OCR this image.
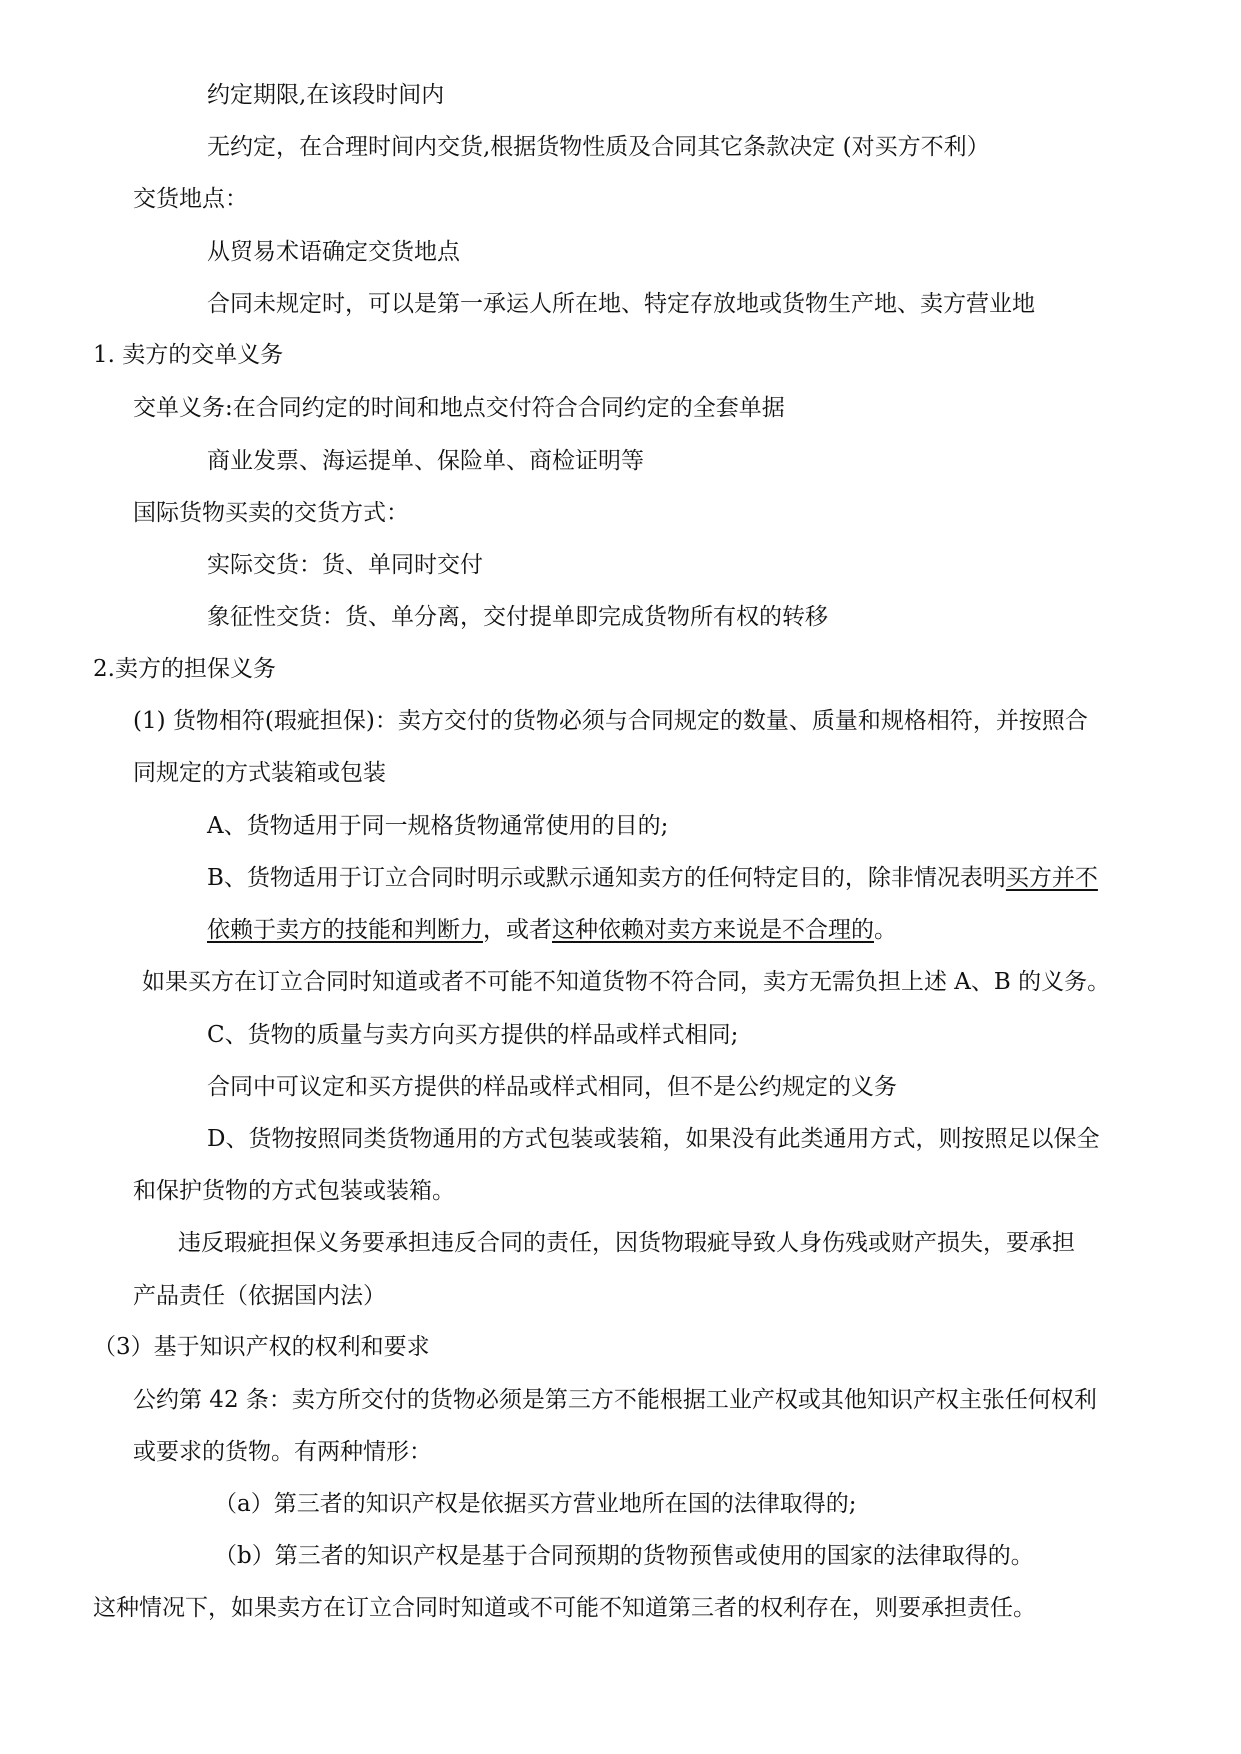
约定期限,在该段时间内
无约定，在合理时间内交货,根据货物性质及合同其它条款决定 (对买方不利）
交货地点：
从贸易术语确定交货地点
合同未规定时，可以是第一承运人所在地、特定存放地或货物生产地、卖方营业地
1. 卖方的交单义务
交单义务:在合同约定的时间和地点交付符合合同约定的全套单据
商业发票、海运提单、保险单、商检证明等
国际货物买卖的交货方式：
实际交货：货、单同时交付
象征性交货：货、单分离，交付提单即完成货物所有权的转移
2.卖方的担保义务
(1) 货物相符(瑕疵担保)：卖方交付的货物必须与合同规定的数量、质量和规格相符，并按照合
同规定的方式装箱或包装
A、货物适用于同一规格货物通常使用的目的;
B、货物适用于订立合同时明示或默示通知卖方的任何特定目的，除非情况表明买方并不
依赖于卖方的技能和判断力，或者这种依赖对卖方来说是不合理的。
如果买方在订立合同时知道或者不可能不知道货物不符合同，卖方无需负担上述 A、B 的义务。
C、货物的质量与卖方向买方提供的样品或样式相同;
合同中可议定和买方提供的样品或样式相同，但不是公约规定的义务
D、货物按照同类货物通用的方式包装或装箱，如果没有此类通用方式，则按照足以保全
和保护货物的方式包装或装箱。
违反瑕疵担保义务要承担违反合同的责任，因货物瑕疵导致人身伤残或财产损失，要承担
产品责任（依据国内法）
（3）基于知识产权的权利和要求
公约第 42 条：卖方所交付的货物必须是第三方不能根据工业产权或其他知识产权主张任何权利
或要求的货物。有两种情形：
（a）第三者的知识产权是依据买方营业地所在国的法律取得的;
（b）第三者的知识产权是基于合同预期的货物预售或使用的国家的法律取得的。
这种情况下，如果卖方在订立合同时知道或不可能不知道第三者的权利存在，则要承担责任。
